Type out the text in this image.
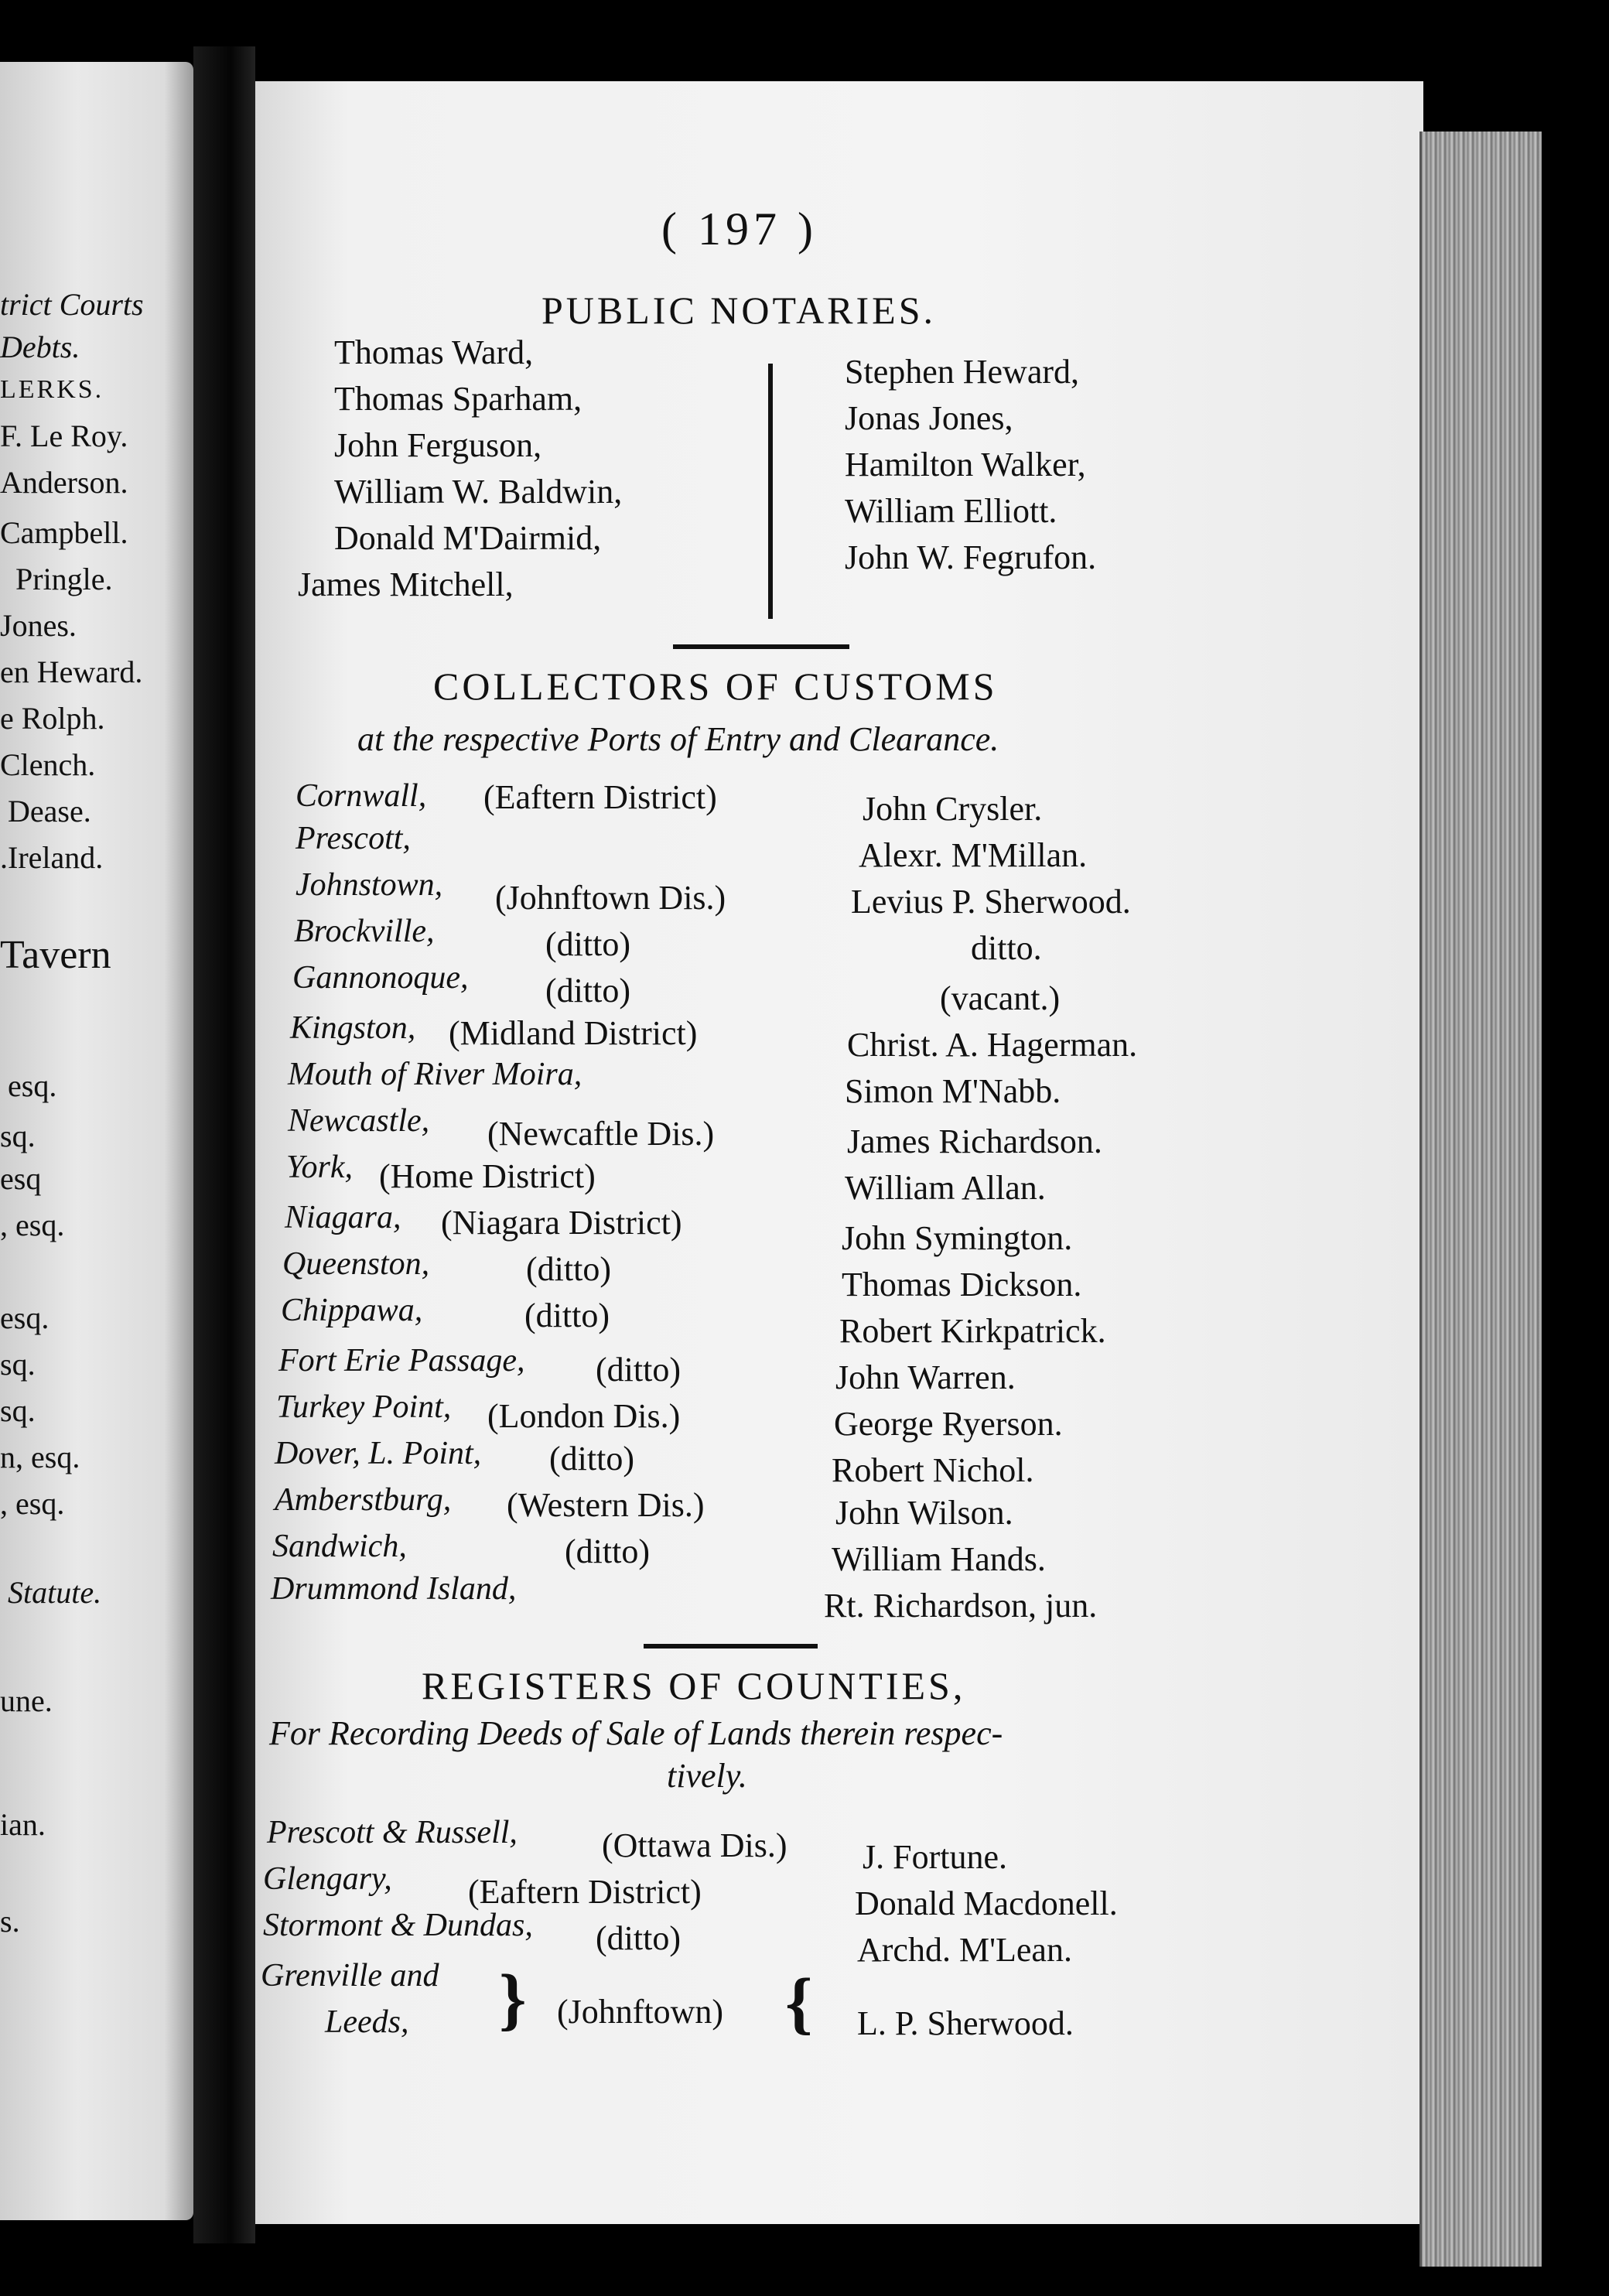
trict Courts
Debts.
LERKS.
F. Le Roy.
Anderson.
Campbell.
Pringle.
Jones.
en Heward.
e Rolph.
Clench.
Dease.
.Ireland.
Tavern
esq.
sq.
esq
, esq.
esq.
sq.
sq.
n, esq.
, esq.
Statute.
une.
ian.
s.
( 197 )
PUBLIC NOTARIES.
Thomas Ward,
Thomas Sparham,
John Ferguson,
William W. Baldwin,
Donald M'Dairmid,
James Mitchell,
Stephen Heward,
Jonas Jones,
Hamilton Walker,
William Elliott.
John W. Fegrufon.
COLLECTORS OF CUSTOMS
at the respective Ports of Entry and Clearance.
Cornwall, (Eaftern District)	John Crysler.
Prescott,	Alexr. M'Millan.
Johnstown, (Johnftown Dis.)	Levius P. Sherwood.
Brockville,	(ditto)	ditto.
Gannonoque, (ditto)	(vacant.)
Kingston, (Midland District)	Christ. A. Hagerman.
Mouth of River Moira,	Simon M'Nabb.
Newcastle, (Newcaftle Dis.)	James Richardson.
York, (Home District)	William Allan.
Niagara, (Niagara District)	John Symington.
Queenston,	(ditto)	Thomas Dickson.
Chippawa,	(ditto)	Robert Kirkpatrick.
Fort Erie Passage, (ditto)	John Warren.
Turkey Point, (London Dis.)	George Ryerson.
Dover, L. Point, (ditto)	Robert Nichol.
Amberstburg, (Western Dis.)	John Wilson.
Sandwich,	(ditto)	William Hands.
Drummond Island,	Rt. Richardson, jun.
REGISTERS OF COUNTIES,
For Recording Deeds of Sale of Lands therein respec-
tively.
Prescott & Russell, (Ottawa Dis.) J. Fortune.
Glengary, (Eaftern District)	Donald Macdonell.
Stormont & Dundas, (ditto)	Archd. M'Lean.
Grenville and
Leeds, } (Johnftown) { L. P. Sherwood.
